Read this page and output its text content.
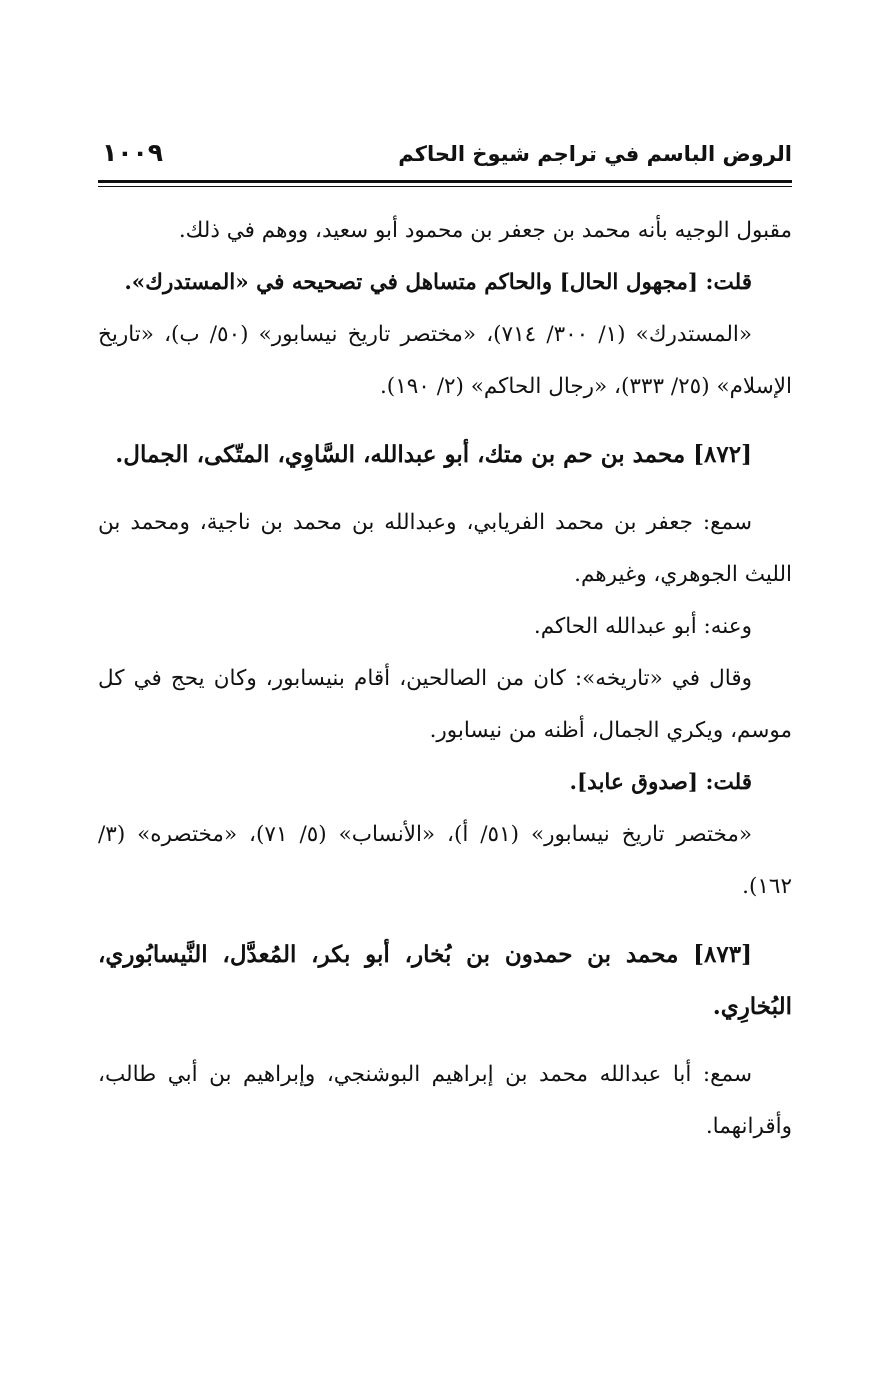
الروض الباسم في تراجم شيوخ الحاكم
١٠٠٩

مقبول الوجيه بأنه محمد بن جعفر بن محمود أبو سعيد، ووهم في ذلك.

قلت: [مجهول الحال] والحاكم متساهل في تصحيحه في «المستدرك».

«المستدرك» (١/ ٣٠٠/ ٧١٤)، «مختصر تاريخ نيسابور» (٥٠/ ب)، «تاريخ الإسلام» (٢٥/ ٣٣٣)، «رجال الحاكم» (٢/ ١٩٠).

[٨٧٢] محمد بن حم بن متك، أبو عبدالله، السَّاوِي، المتّكى، الجمال.

سمع: جعفر بن محمد الفريابي، وعبدالله بن محمد بن ناجية، ومحمد بن الليث الجوهري، وغيرهم.

وعنه: أبو عبدالله الحاكم.

وقال في «تاريخه»: كان من الصالحين، أقام بنيسابور، وكان يحج في كل موسم، ويكري الجمال، أظنه من نيسابور.

قلت: [صدوق عابد].

«مختصر تاريخ نيسابور» (٥١/ أ)، «الأنساب» (٥/ ٧١)، «مختصره» (٣/ ١٦٢).

[٨٧٣] محمد بن حمدون بن بُخار، أبو بكر، المُعدَّل، النَّيسابُوري، البُخارِي.

سمع: أبا عبدالله محمد بن إبراهيم البوشنجي، وإبراهيم بن أبي طالب، وأقرانهما.
